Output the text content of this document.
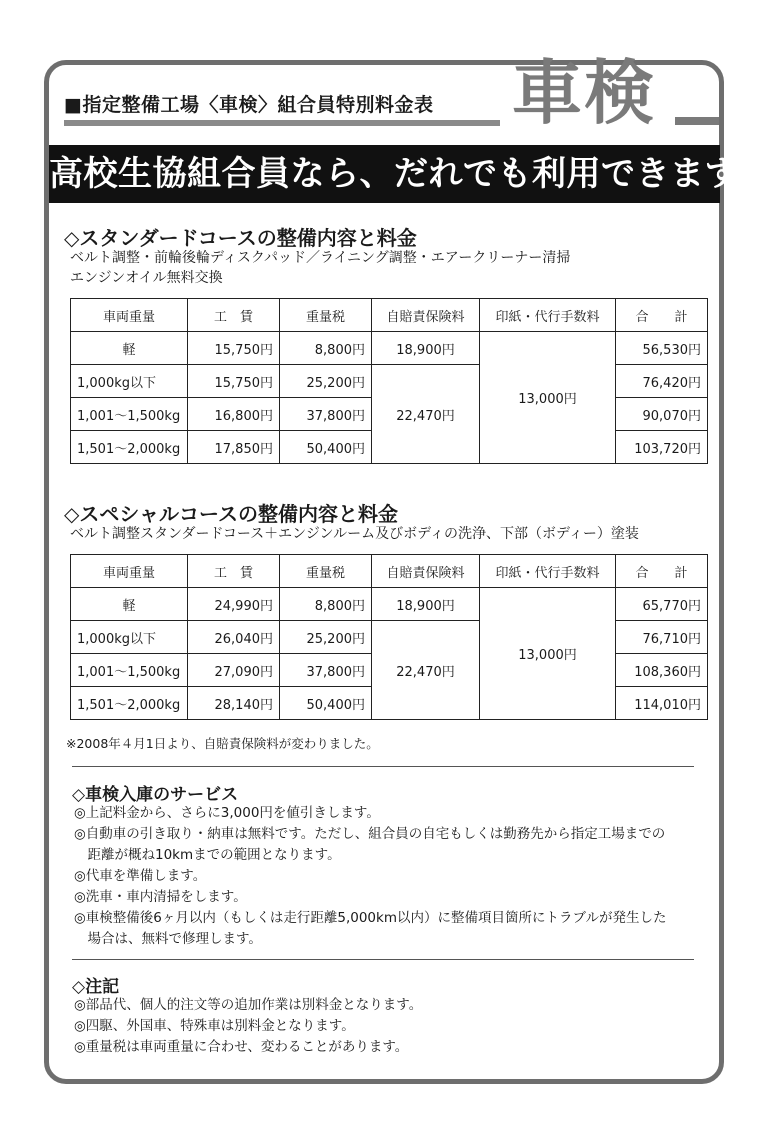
■指定整備工場〈車検〉組合員特別料金表 車検
高校生協組合員なら、だれでも利用できます。
◇スタンダードコースの整備内容と料金
ベルト調整・前輪後輪ディスクパッド／ライニング調整・エアークリーナー清掃
エンジンオイル無料交換
車両重量	工　賃	重量税	自賠責保険料	印紙・代行手数料	合　　計
軽	15,750円	8,800円	18,900円	13,000円	56,530円
1,000kg以下	15,750円	25,200円	22,470円		76,420円
1,001～1,500kg	16,800円	37,800円			90,070円
1,501～2,000kg	17,850円	50,400円			103,720円
◇スペシャルコースの整備内容と料金
ベルト調整スタンダードコース＋エンジンルーム及びボディの洗浄、下部（ボディー）塗装
車両重量	工　賃	重量税	自賠責保険料	印紙・代行手数料	合　　計
軽	24,990円	8,800円	18,900円	13,000円	65,770円
1,000kg以下	26,040円	25,200円	22,470円		76,710円
1,001～1,500kg	27,090円	37,800円			108,360円
1,501～2,000kg	28,140円	50,400円			114,010円
※2008年４月1日より、自賠責保険料が変わりました。
◇車検入庫のサービス
◎上記料金から、さらに3,000円を値引きします。
◎自動車の引き取り・納車は無料です。ただし、組合員の自宅もしくは勤務先から指定工場までの
　距離が概ね10kmまでの範囲となります。
◎代車を準備します。
◎洗車・車内清掃をします。
◎車検整備後6ヶ月以内（もしくは走行距離5,000km以内）に整備項目箇所にトラブルが発生した
　場合は、無料で修理します。
◇注記
◎部品代、個人的注文等の追加作業は別料金となります。
◎四駆、外国車、特殊車は別料金となります。
◎重量税は車両重量に合わせ、変わることがあります。
